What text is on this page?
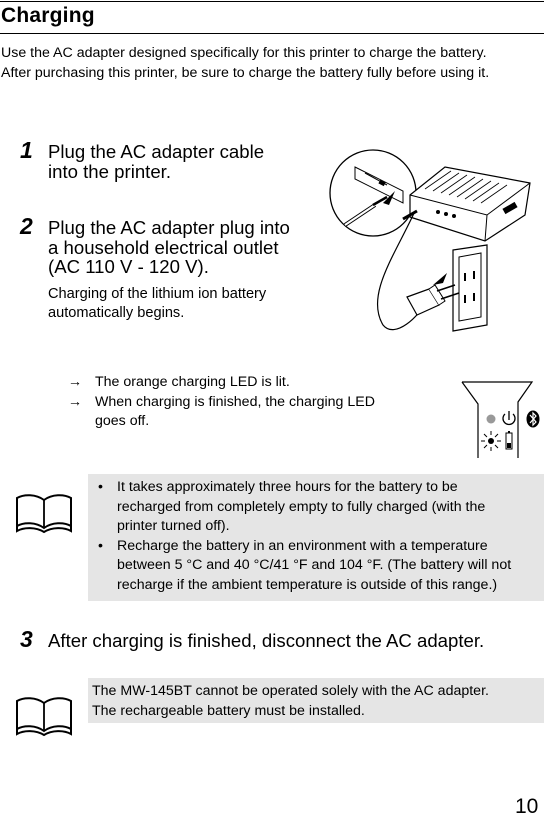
Charging

Use the AC adapter designed specifically for this printer to charge the battery.

After purchasing this printer, be sure to charge the battery fully before using it.

1 Plug the AC adapter cable
into the printer.
2 Plug the AC adapter plug into
a household electrical outlet
(AC 110 V - 120 V).
Charging of the lithium ion battery
automatically begins.
→ The orange charging LED is lit.
→ When charging is finished, the charging LED
goes off.
• It takes approximately three hours for the battery to be
recharged from completely empty to fully charged (with the
printer turned off).
• Recharge the battery in an environment with a temperature
between 5 °C and 40 °C/41 °F and 104 °F. (The battery will not
recharge if the ambient temperature is outside of this range.)
3 After charging is finished, disconnect the AC adapter.
The MW-145BT cannot be operated solely with the AC adapter.
The rechargeable battery must be installed.
10
